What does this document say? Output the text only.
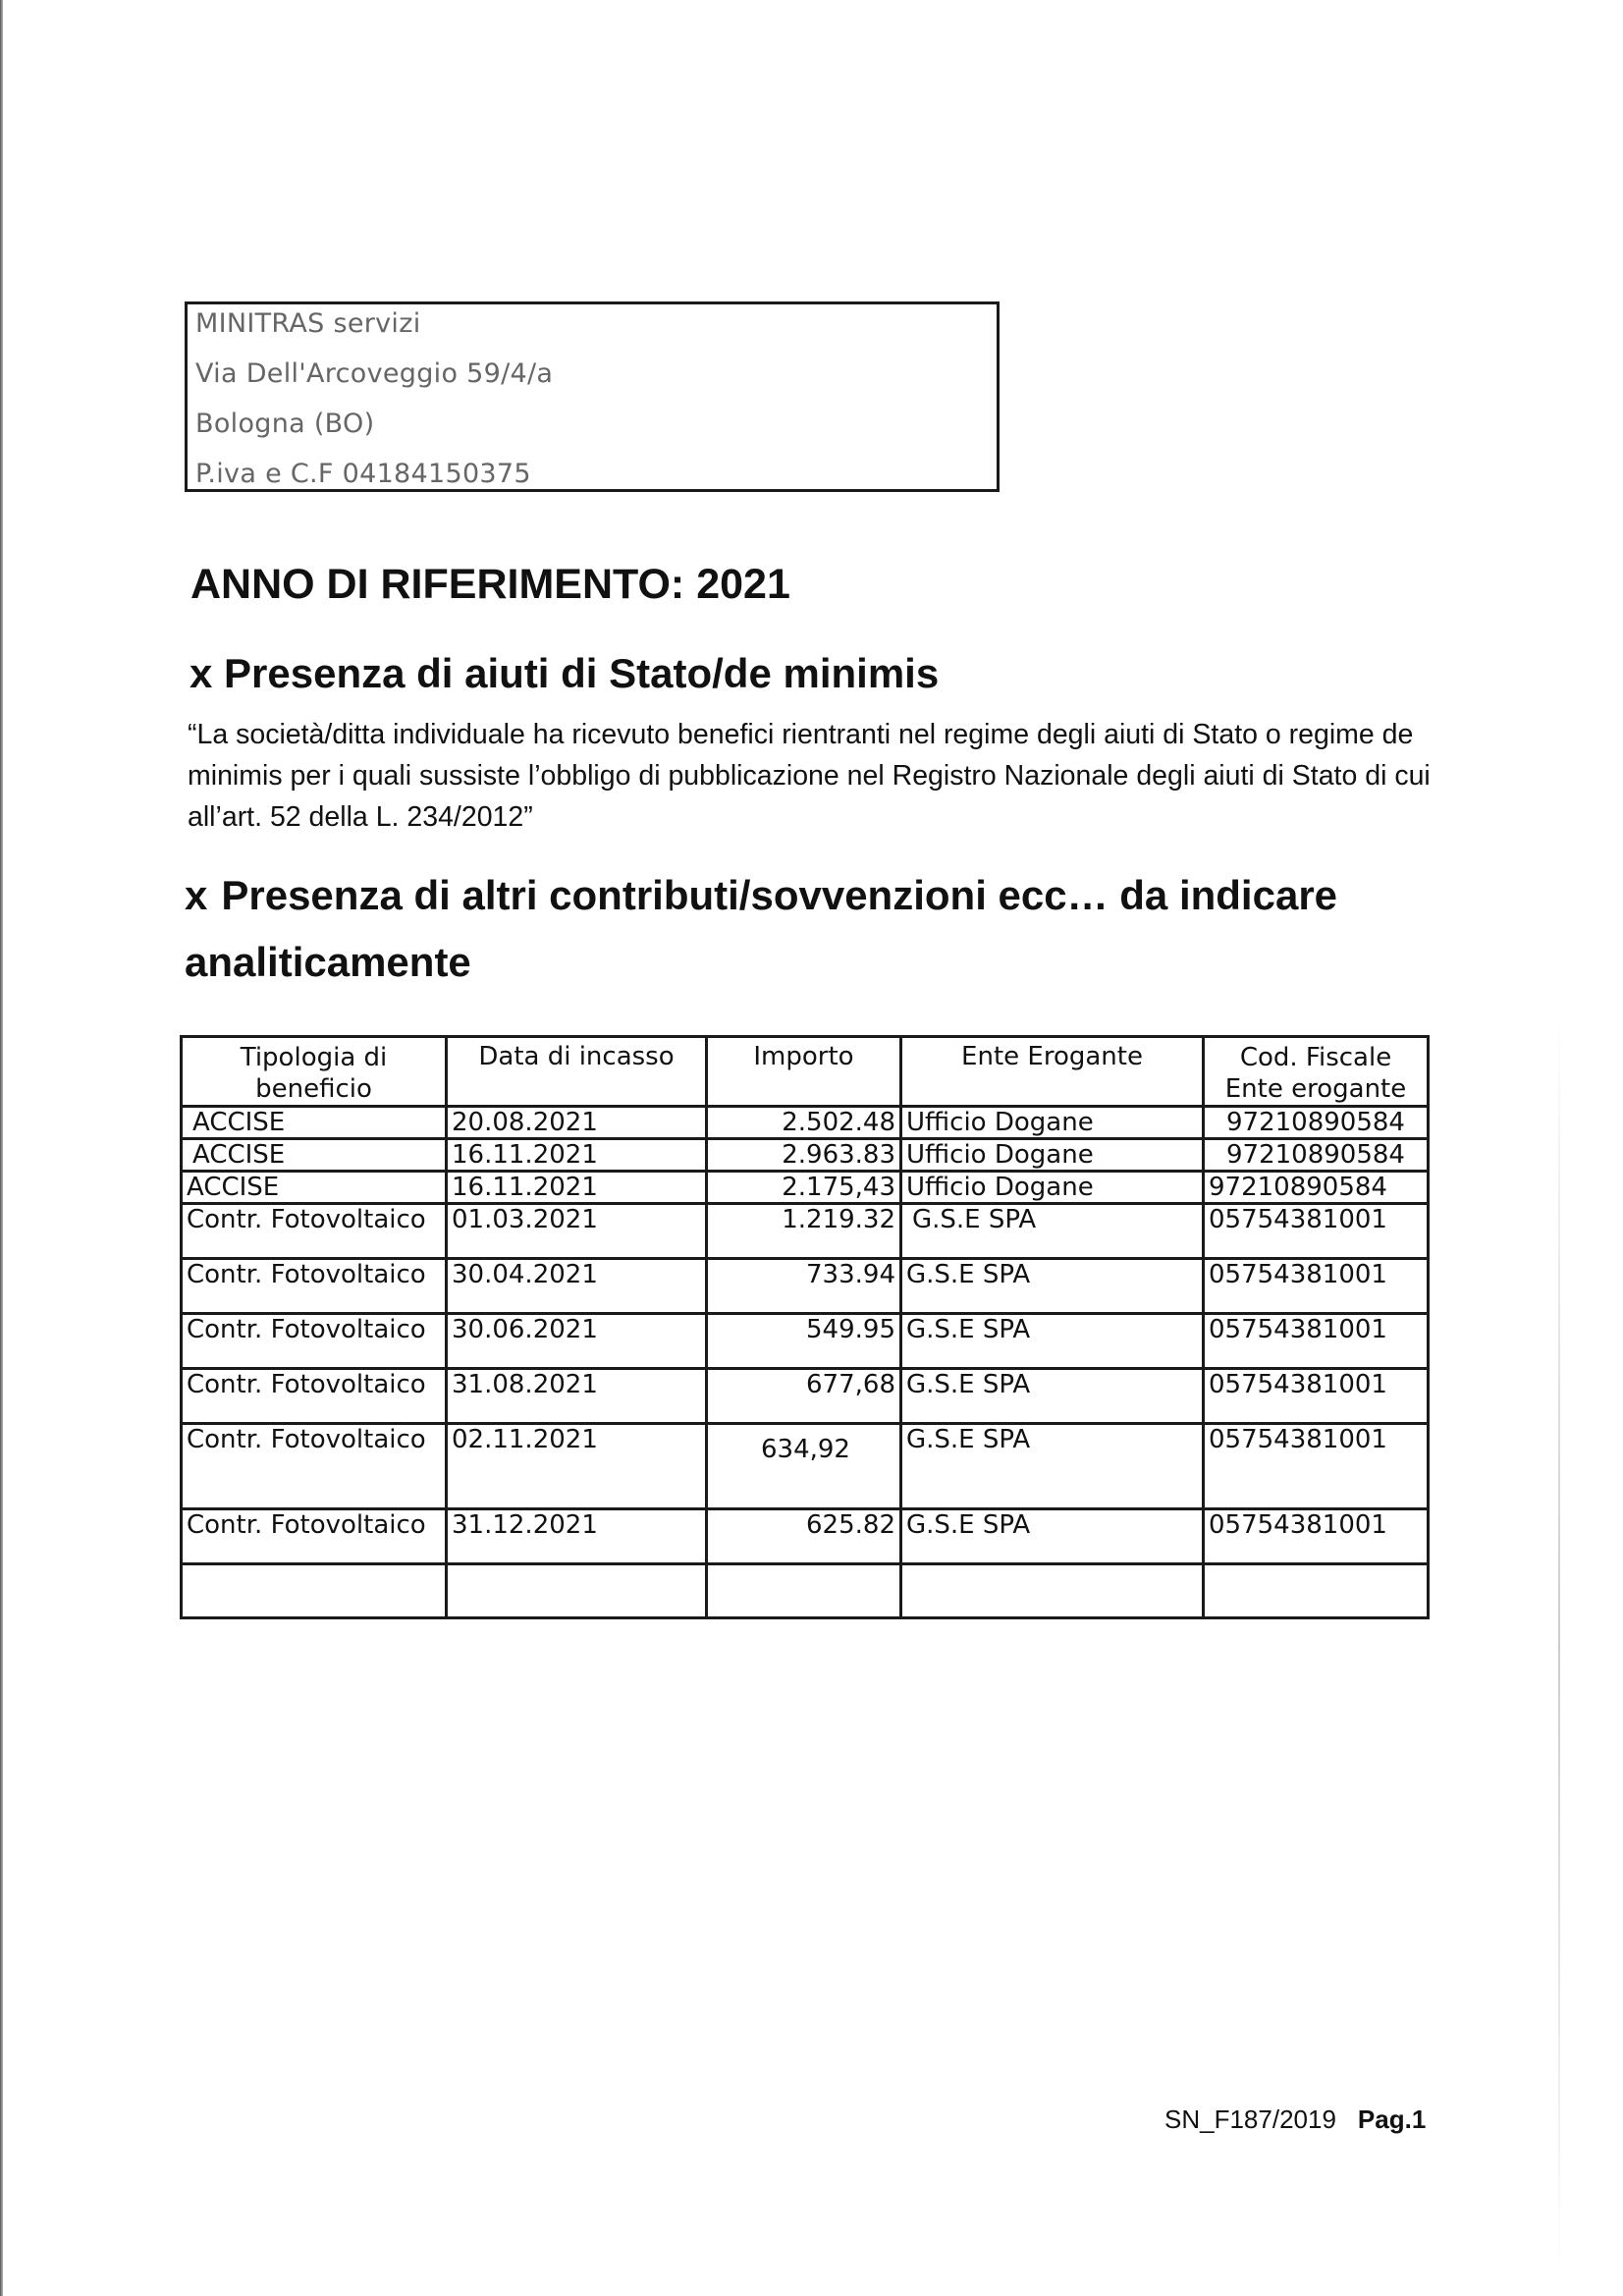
MINITRAS servizi
Via Dell'Arcoveggio 59/4/a
Bologna (BO)
P.iva e C.F 04184150375
ANNO DI RIFERIMENTO: 2021
x Presenza di aiuti di Stato/de minimis
“La società/ditta individuale ha ricevuto benefici rientranti nel regime degli aiuti di Stato o regime de minimis per i quali sussiste l’obbligo di pubblicazione nel Registro Nazionale degli aiuti di Stato di cui all’art. 52 della L. 234/2012”
x Presenza di altri contributi/sovvenzioni ecc… da indicare analiticamente
Tipologia di beneficio	Data di incasso	Importo	Ente Erogante	Cod. Fiscale Ente erogante
ACCISE	20.08.2021	2.502.48	Ufficio Dogane	97210890584
ACCISE	16.11.2021	2.963.83	Ufficio Dogane	97210890584
ACCISE	16.11.2021	2.175,43	Ufficio Dogane	97210890584
Contr. Fotovoltaico	01.03.2021	1.219.32	G.S.E SPA	05754381001
Contr. Fotovoltaico	30.04.2021	733.94	G.S.E SPA	05754381001
Contr. Fotovoltaico	30.06.2021	549.95	G.S.E SPA	05754381001
Contr. Fotovoltaico	31.08.2021	677,68	G.S.E SPA	05754381001
Contr. Fotovoltaico	02.11.2021	634,92	G.S.E SPA	05754381001
Contr. Fotovoltaico	31.12.2021	625.82	G.S.E SPA	05754381001

SN_F187/2019 Pag.1
